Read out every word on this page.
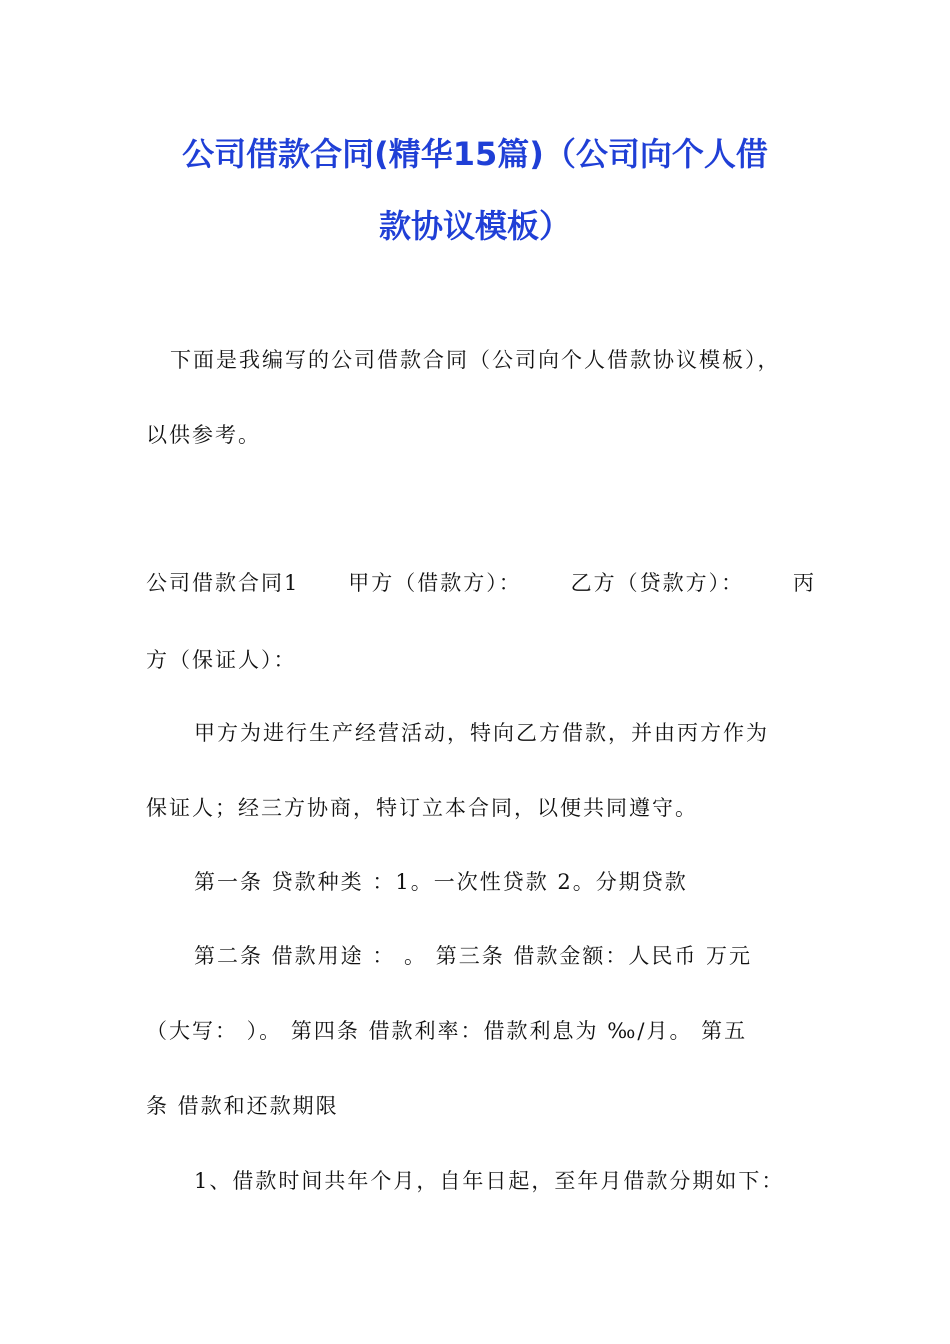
公司借款合同(精华15篇)（公司向个人借
款协议模板）

下面是我编写的公司借款合同（公司向个人借款协议模板），

以供参考。

公司借款合同1 甲方（借款方）： 乙方（贷款方）： 丙

方（保证人）：

甲方为进行生产经营活动，特向乙方借款，并由丙方作为

保证人；经三方协商，特订立本合同，以便共同遵守。

第一条 贷款种类 ：1。一次性贷款 2。分期贷款

第二条 借款用途 ： 。 第三条 借款金额：人民币 万元

（大写： ）。 第四条 借款利率：借款利息为 ‰/月。 第五

条 借款和还款期限

1、借款时间共年个月，自年日起，至年月借款分期如下：
